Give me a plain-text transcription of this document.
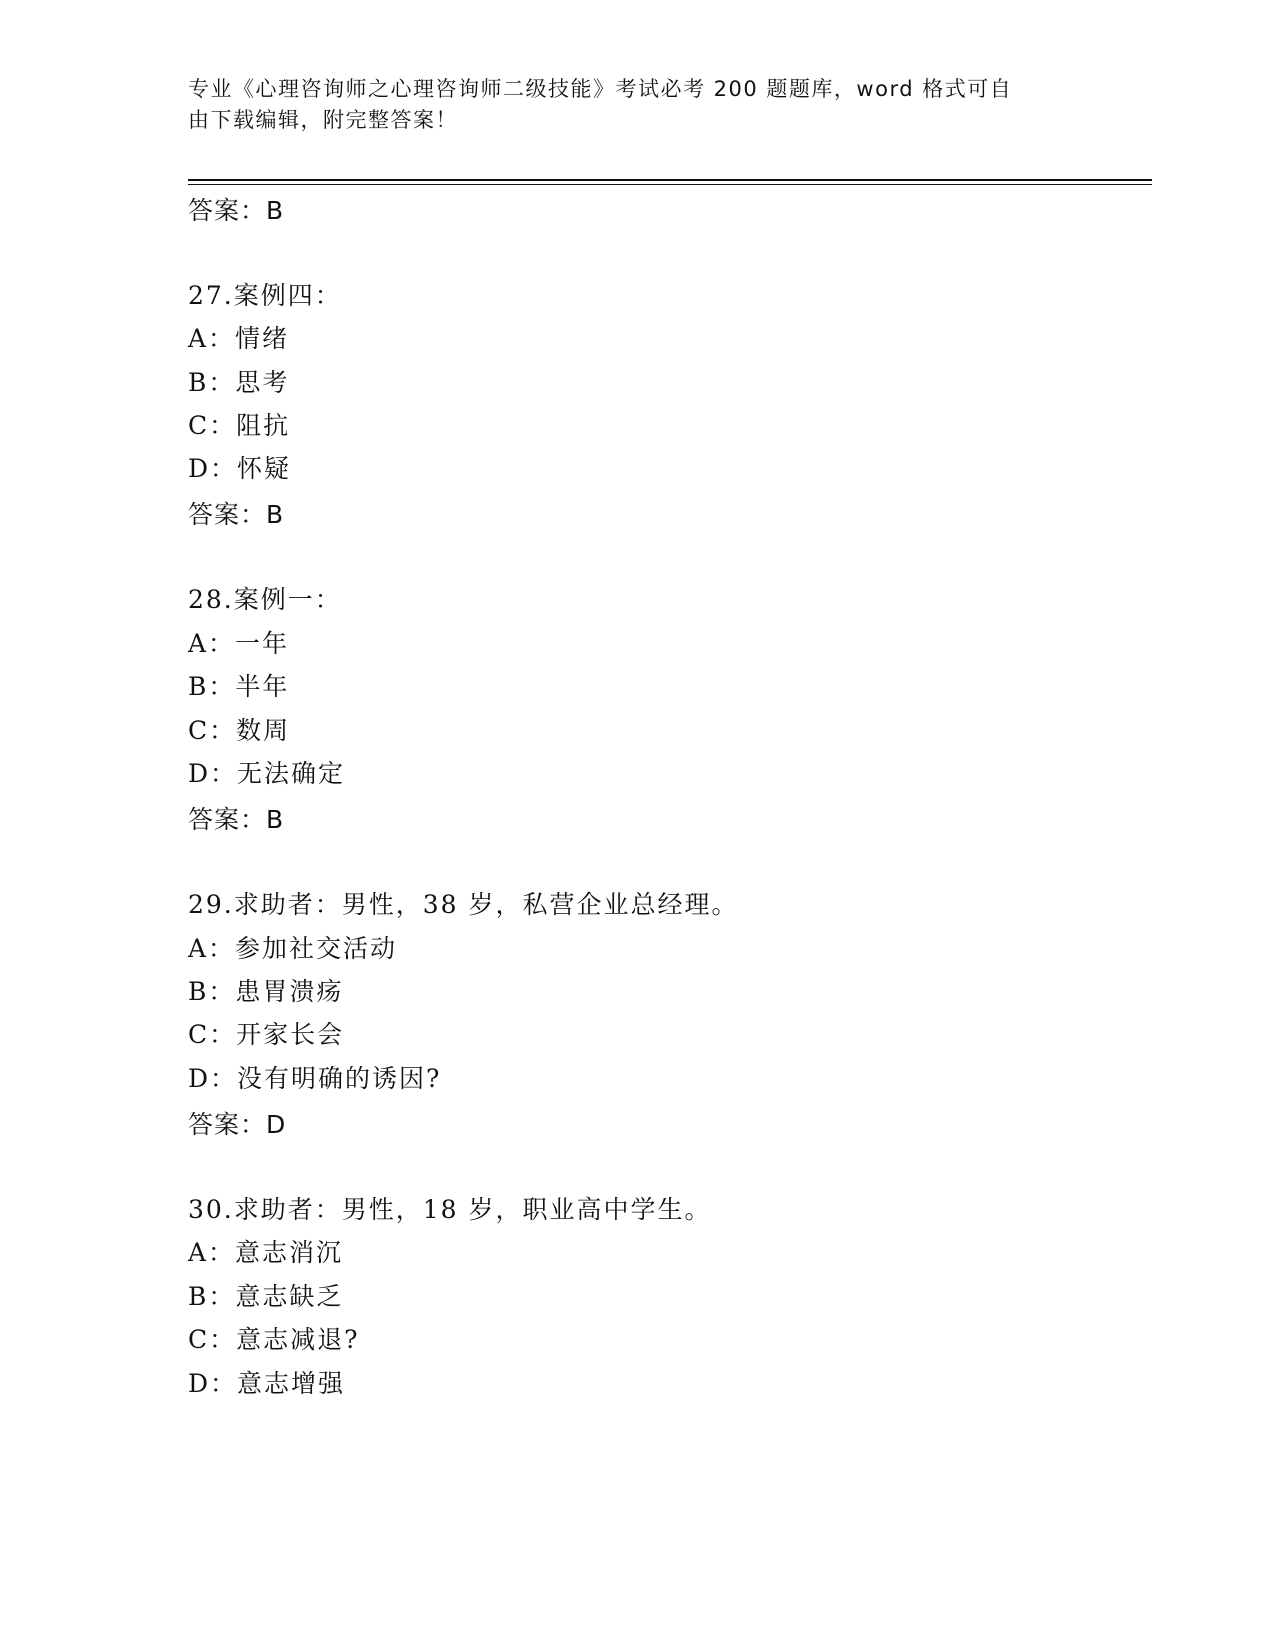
专业《心理咨询师之心理咨询师二级技能》考试必考 200 题题库，word 格式可自
由下载编辑，附完整答案！
答案：B
27.案例四：
A：情绪
B：思考
C：阻抗
D：怀疑
答案：B
28.案例一：
A：一年
B：半年
C：数周
D：无法确定
答案：B
29.求助者：男性，38 岁，私营企业总经理。
A：参加社交活动
B：患胃溃疡
C：开家长会
D：没有明确的诱因?
答案：D
30.求助者：男性，18 岁，职业高中学生。
A：意志消沉
B：意志缺乏
C：意志减退?
D：意志增强
